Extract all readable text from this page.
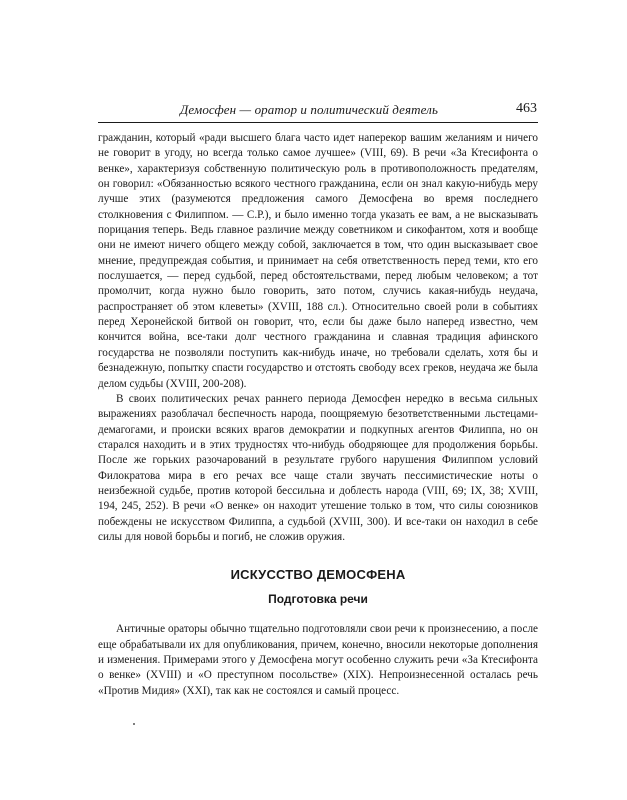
Демосфен — оратор и политический деятель	463

гражданин, который «ради высшего блага часто идет наперекор вашим желаниям и ничего не говорит в угоду, но всегда только самое лучшее» (VIII, 69). В речи «За Ктесифонта о венке», характеризуя собственную политическую роль в противоположность предателям, он говорил: «Обязанностью всякого честного гражданина, если он знал какую-нибудь меру лучше этих (разумеются предложения самого Демосфена во время последнего столкновения с Филиппом. — С.Р.), и было именно тогда указать ее вам, а не высказывать порицания теперь. Ведь главное различие между советником и сикофантом, хотя и вообще они не имеют ничего общего между собой, заключается в том, что один высказывает свое мнение, предупреждая события, и принимает на себя ответственность перед теми, кто его послушается, — перед судьбой, перед обстоятельствами, перед любым человеком; а тот промолчит, когда нужно было говорить, зато потом, случись какая-нибудь неудача, распространяет об этом клеветы» (XVIII, 188 сл.). Относительно своей роли в событиях перед Херонейской битвой он говорит, что, если бы даже было наперед известно, чем кончится война, все-таки долг честного гражданина и славная традиция афинского государства не позволяли поступить как-нибудь иначе, но требовали сделать, хотя бы и безнадежную, попытку спасти государство и отстоять свободу всех греков, неудача же была делом судьбы (XVIII, 200-208).

В своих политических речах раннего периода Демосфен нередко в весьма сильных выражениях разоблачал беспечность народа, поощряемую безответственными льстецами-демагогами, и происки всяких врагов демократии и подкупных агентов Филиппа, но он старался находить и в этих трудностях что-нибудь ободряющее для продолжения борьбы. После же горьких разочарований в результате грубого нарушения Филиппом условий Филократова мира в его речах все чаще стали звучать пессимистические ноты о неизбежной судьбе, против которой бессильна и доблесть народа (VIII, 69; IX, 38; XVIII, 194, 245, 252). В речи «О венке» он находит утешение только в том, что силы союзников побеждены не искусством Филиппа, а судьбой (XVIII, 300). И все-таки он находил в себе силы для новой борьбы и погиб, не сложив оружия.

ИСКУССТВО ДЕМОСФЕНА
Подготовка речи

Античные ораторы обычно тщательно подготовляли свои речи к произнесению, а после еще обрабатывали их для опубликования, причем, конечно, вносили некоторые дополнения и изменения. Примерами этого у Демосфена могут особенно служить речи «За Ктесифонта о венке» (XVIII) и «О преступном посольстве» (XIX). Непроизнесенной осталась речь «Против Мидия» (XXI), так как не состоялся и самый процесс.
